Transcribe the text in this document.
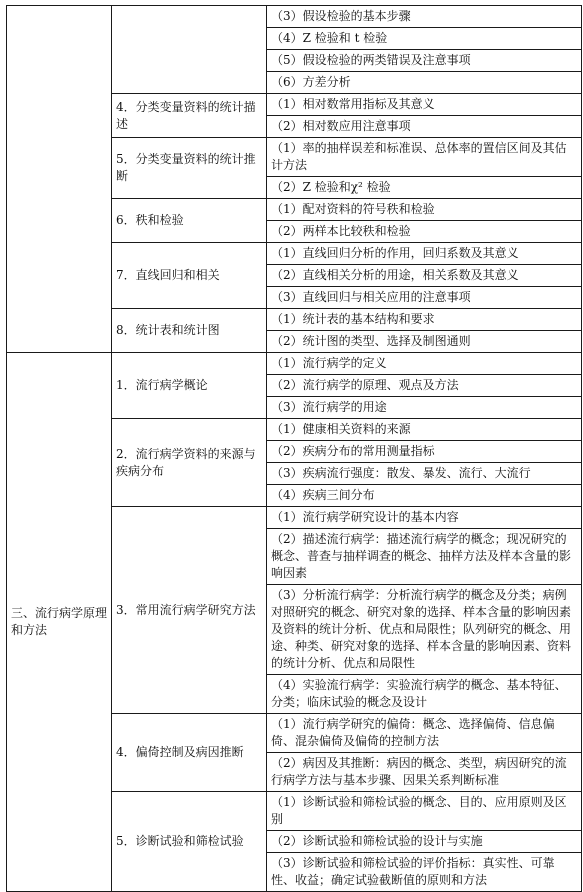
		（3）假设检验的基本步骤
		（4）Z 检验和 t 检验
		（5）假设检验的两类错误及注意事项
		（6）方差分析
	4．分类变量资料的统计描述	（1）相对数常用指标及其意义
		（2）相对数应用注意事项
	5．分类变量资料的统计推断	（1）率的抽样误差和标准误、总体率的置信区间及其估计方法
		（2）Z 检验和χ² 检验
	6．秩和检验	（1）配对资料的符号秩和检验
		（2）两样本比较秩和检验
	7．直线回归和相关	（1）直线回归分析的作用，回归系数及其意义
		（2）直线相关分析的用途，相关系数及其意义
		（3）直线回归与相关应用的注意事项
	8．统计表和统计图	（1）统计表的基本结构和要求
		（2）统计图的类型、选择及制图通则
三、流行病学原理和方法	1．流行病学概论	（1）流行病学的定义
		（2）流行病学的原理、观点及方法
		（3）流行病学的用途
	2．流行病学资料的来源与疾病分布	（1）健康相关资料的来源
		（2）疾病分布的常用测量指标
		（3）疾病流行强度：散发、暴发、流行、大流行
		（4）疾病三间分布
	3．常用流行病学研究方法	（1）流行病学研究设计的基本内容
		（2）描述流行病学：描述流行病学的概念；现况研究的概念、普查与抽样调查的概念、抽样方法及样本含量的影响因素
		（3）分析流行病学：分析流行病学的概念及分类；病例对照研究的概念、研究对象的选择、样本含量的影响因素及资料的统计分析、优点和局限性；队列研究的概念、用途、种类、研究对象的选择、样本含量的影响因素、资料的统计分析、优点和局限性
		（4）实验流行病学：实验流行病学的概念、基本特征、分类；临床试验的概念及设计
	4．偏倚控制及病因推断	（1）流行病学研究的偏倚：概念、选择偏倚、信息偏倚、混杂偏倚及偏倚的控制方法
		（2）病因及其推断：病因的概念、类型，病因研究的流行病学方法与基本步骤、因果关系判断标准
	5．诊断试验和筛检试验	（1）诊断试验和筛检试验的概念、目的、应用原则及区别
		（2）诊断试验和筛检试验的设计与实施
		（3）诊断试验和筛检试验的评价指标：真实性、可靠性、收益；确定试验截断值的原则和方法
